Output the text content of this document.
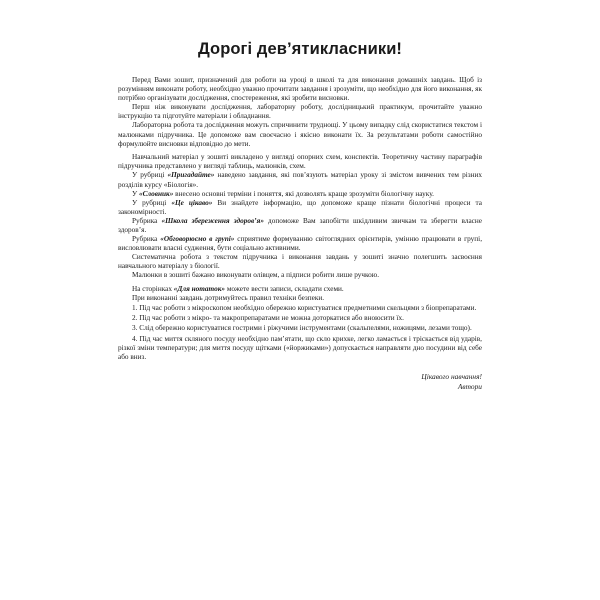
Дорогі дев’ятикласники!

Перед Вами зошит, призначений для роботи на уроці в школі та для виконання домашніх завдань. Щоб із розумінням виконати роботу, необхідно уважно прочитати завдання і зрозуміти, що необхідно для його виконання, як потрібно організувати дослідження, спостереження, які зробити висновки.

Перш ніж виконувати дослідження, лабораторну роботу, дослідницький практикум, прочитайте уважно інструкцію та підготуйте матеріали і обладнання.

Лабораторна робота та дослідження можуть спричинити труднощі. У цьому випадку слід скористатися текстом і малюнками підручника. Це допоможе вам своєчасно і якісно виконати їх. За результатами роботи самостійно формулюйте висновки відповідно до мети.

Навчальний матеріал у зошиті викладено у вигляді опорних схем, конспектів. Теоретичну частину параграфів підручника представлено у вигляді таблиць, малюнків, схем.

У рубриці «Пригадайте» наведено завдання, які пов’язують матеріал уроку зі змістом вивчених тем різних розділів курсу «Біологія».

У «Словник» внесено основні терміни і поняття, які дозволять краще зрозуміти біологічну науку.

У рубриці «Це цікаво» Ви знайдете інформацію, що допоможе краще пізнати біологічні процеси та закономірності.

Рубрика «Школа збереження здоров’я» допоможе Вам запобігти шкідливим звичкам та зберегти власне здоров’я.

Рубрика «Обговорюємо в групі» сприятиме формуванню світоглядних орієнтирів, умінню працювати в групі, висловлювати власні судження, бути соціально активними.

Систематична робота з текстом підручника і виконання завдань у зошиті значно полегшить засвоєння навчального матеріалу з біології.

Малюнки в зошиті бажано виконувати олівцем, а підписи робити лише ручкою.

На сторінках «Для нотаток» можете вести записи, складати схеми.

При виконанні завдань дотримуйтесь правил техніки безпеки.

1. Під час роботи з мікроскопом необхідно обережно користуватися предметними скельцями з біопрепаратами.

2. Під час роботи з мікро- та макропрепаратами не можна доторкатися або вноюсити їх.

3. Слід обережно користуватися гострими і ріжучими інструментами (скальпелями, ножицями, лезами тощо).

4. Під час миття скляного посуду необхідно пам’ятати, що скло крихке, легко ламається і тріскається від ударів, різкої зміни температури; для миття посуду щітками («йоржиками») допускається направляти дно посудини від себе або вниз.

Цікавого навчання!
Автори
